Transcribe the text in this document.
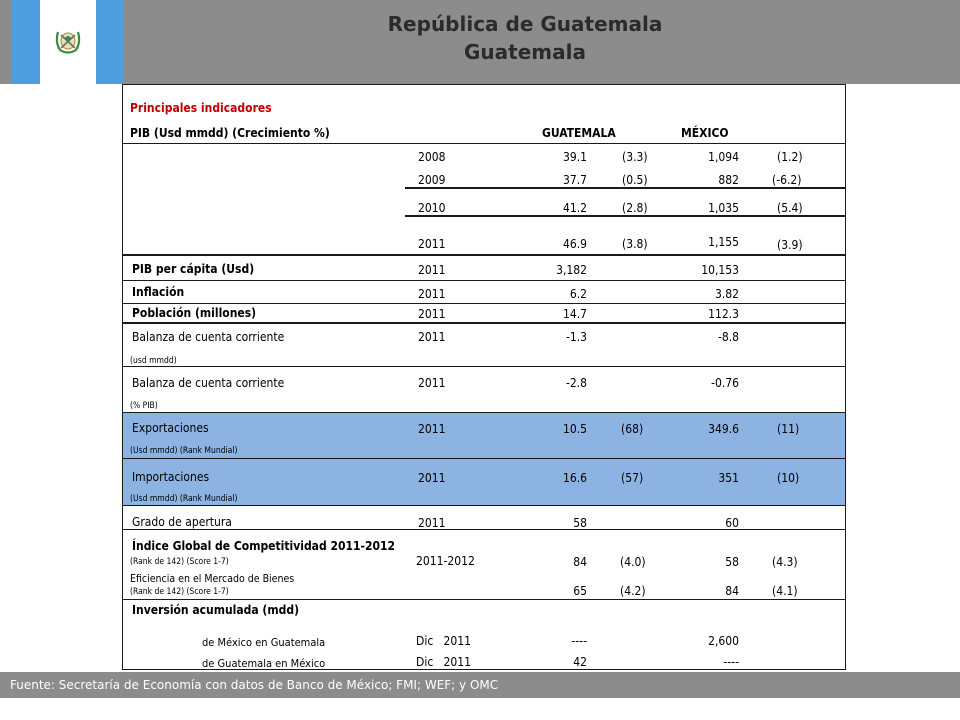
República de Guatemala
Guatemala
Principales indicadores
PIB (Usd mmdd) (Crecimiento %)	GUATEMALA	MÉXICO
2008	39.1	(3.3)	1,094	(1.2)
2009	37.7	(0.5)	882	(-6.2)
2010	41.2	(2.8)	1,035	(5.4)
2011	46.9	(3.8)	1,155	(3.9)
PIB per cápita (Usd)	2011	3,182	10,153
Inflación	2011	6.2	3.82
Población (millones)	2011	14.7	112.3
Balanza de cuenta corriente
(usd mmdd)
2011	-1.3	-8.8
Balanza de cuenta corriente
(% PIB)
2011	-2.8	-0.76
Exportaciones
(Usd mmdd) (Rank Mundial)
2011	10.5	(68)	349.6	(11)
Importaciones
(Usd mmdd) (Rank Mundial)
2011	16.6	(57)	351	(10)
Grado de apertura	2011	58	60
Índice Global de Competitividad 2011-2012
(Rank de 142) (Score 1-7)	2011-2012	84	(4.0)	58	(4.3)
Eficiencia en el Mercado de Bienes
(Rank de 142) (Score 1-7)	65	(4.2)	84	(4.1)
Inversión acumulada (mdd)
de México en Guatemala	Dic   2011	----	2,600
de Guatemala en México	Dic   2011	42	----
Fuente: Secretaría de Economía con datos de Banco de México; FMI; WEF; y OMC
